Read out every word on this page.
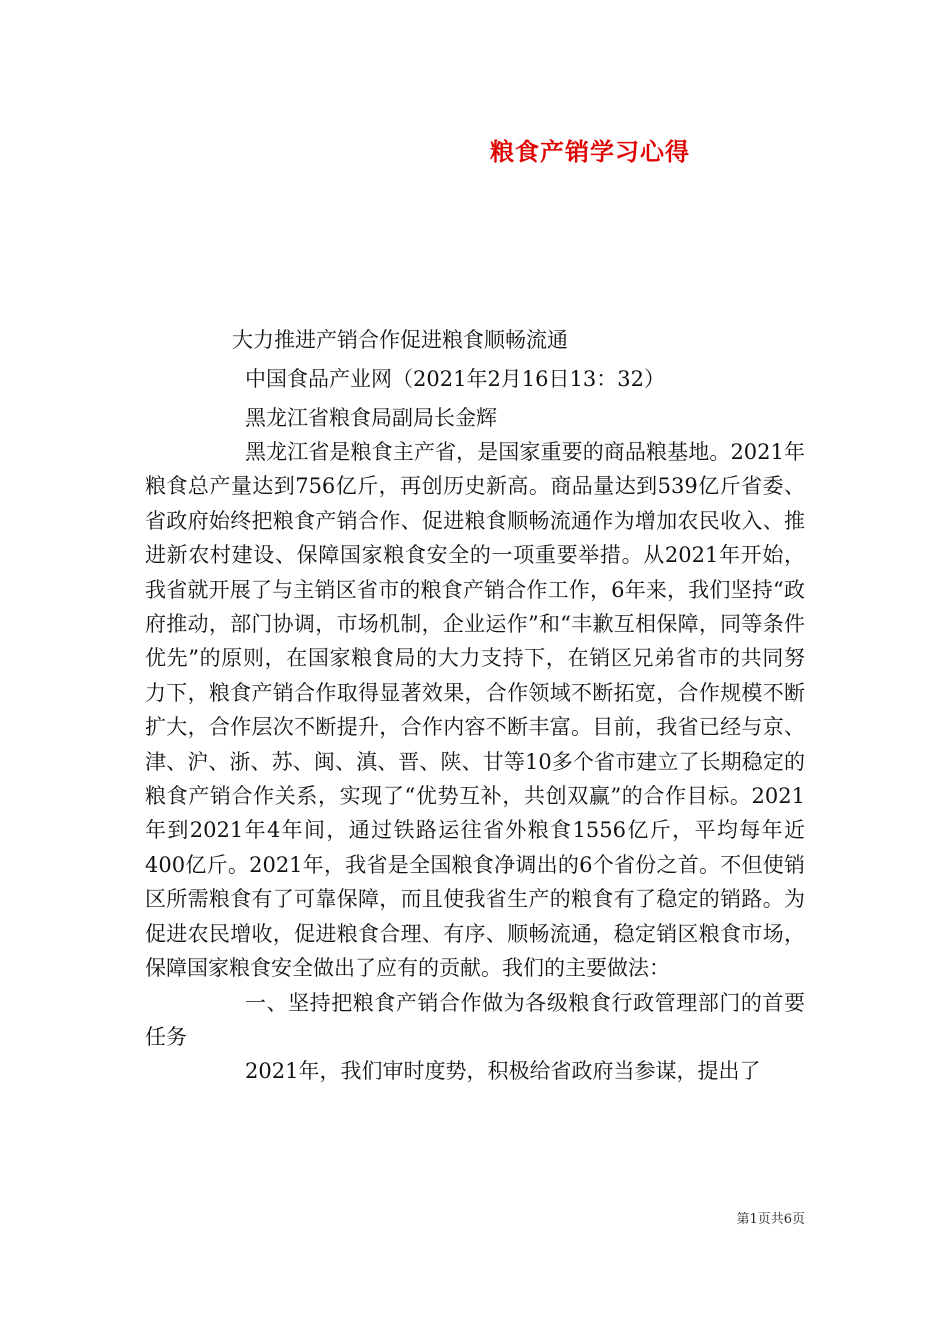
粮食产销学习心得
大力推进产销合作促进粮食顺畅流通
中国食品产业网（2021年2月16日13：32）
黑龙江省粮食局副局长金辉

黑龙江省是粮食主产省，是国家重要的商品粮基地。2021年粮食总产量达到756亿斤，再创历史新高。商品量达到539亿斤省委、省政府始终把粮食产销合作、促进粮食顺畅流通作为增加农民收入、推进新农村建设、保障国家粮食安全的一项重要举措。从2021年开始，我省就开展了与主销区省市的粮食产销合作工作，6年来，我们坚持“政府推动，部门协调，市场机制，企业运作”和“丰歉互相保障，同等条件优先”的原则，在国家粮食局的大力支持下，在销区兄弟省市的共同努力下，粮食产销合作取得显著效果，合作领域不断拓宽，合作规模不断扩大，合作层次不断提升，合作内容不断丰富。目前，我省已经与京、津、沪、浙、苏、闽、滇、晋、陕、甘等10多个省市建立了长期稳定的粮食产销合作关系，实现了“优势互补，共创双赢”的合作目标。2021年到2021年4年间，通过铁路运往省外粮食1556亿斤，平均每年近400亿斤。2021年，我省是全国粮食净调出的6个省份之首。不但使销区所需粮食有了可靠保障，而且使我省生产的粮食有了稳定的销路。为促进农民增收，促进粮食合理、有序、顺畅流通，稳定销区粮食市场，保障国家粮食安全做出了应有的贡献。我们的主要做法：

一、坚持把粮食产销合作做为各级粮食行政管理部门的首要任务

2021年，我们审时度势，积极给省政府当参谋，提出了

第1页共6页
